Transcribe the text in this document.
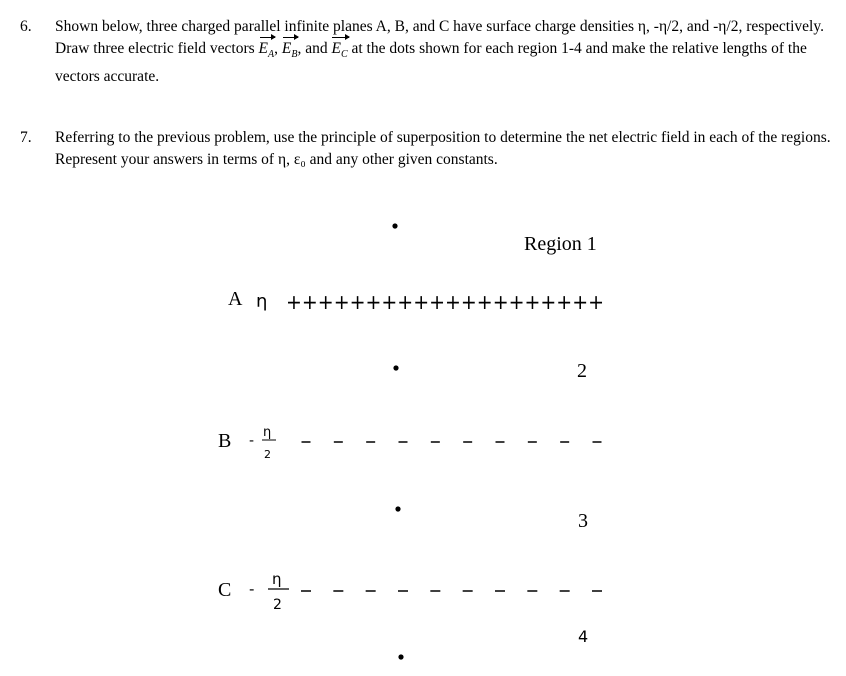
6. Shown below, three charged parallel infinite planes A, B, and C have surface charge densities η, -η/2, and -η/2, respectively. Draw three electric field vectors $E_A$, $E_B$, and $E_C$ at the dots shown for each region 1-4 and make the relative lengths of the vectors accurate.
7. Referring to the previous problem, use the principle of superposition to determine the net electric field in each of the regions. Represent your answers in terms of η, ε₀ and any other given constants.
Region 1
2
3
4
A η ++++++++++++++++++++
B -
η
2
C -
η
2
